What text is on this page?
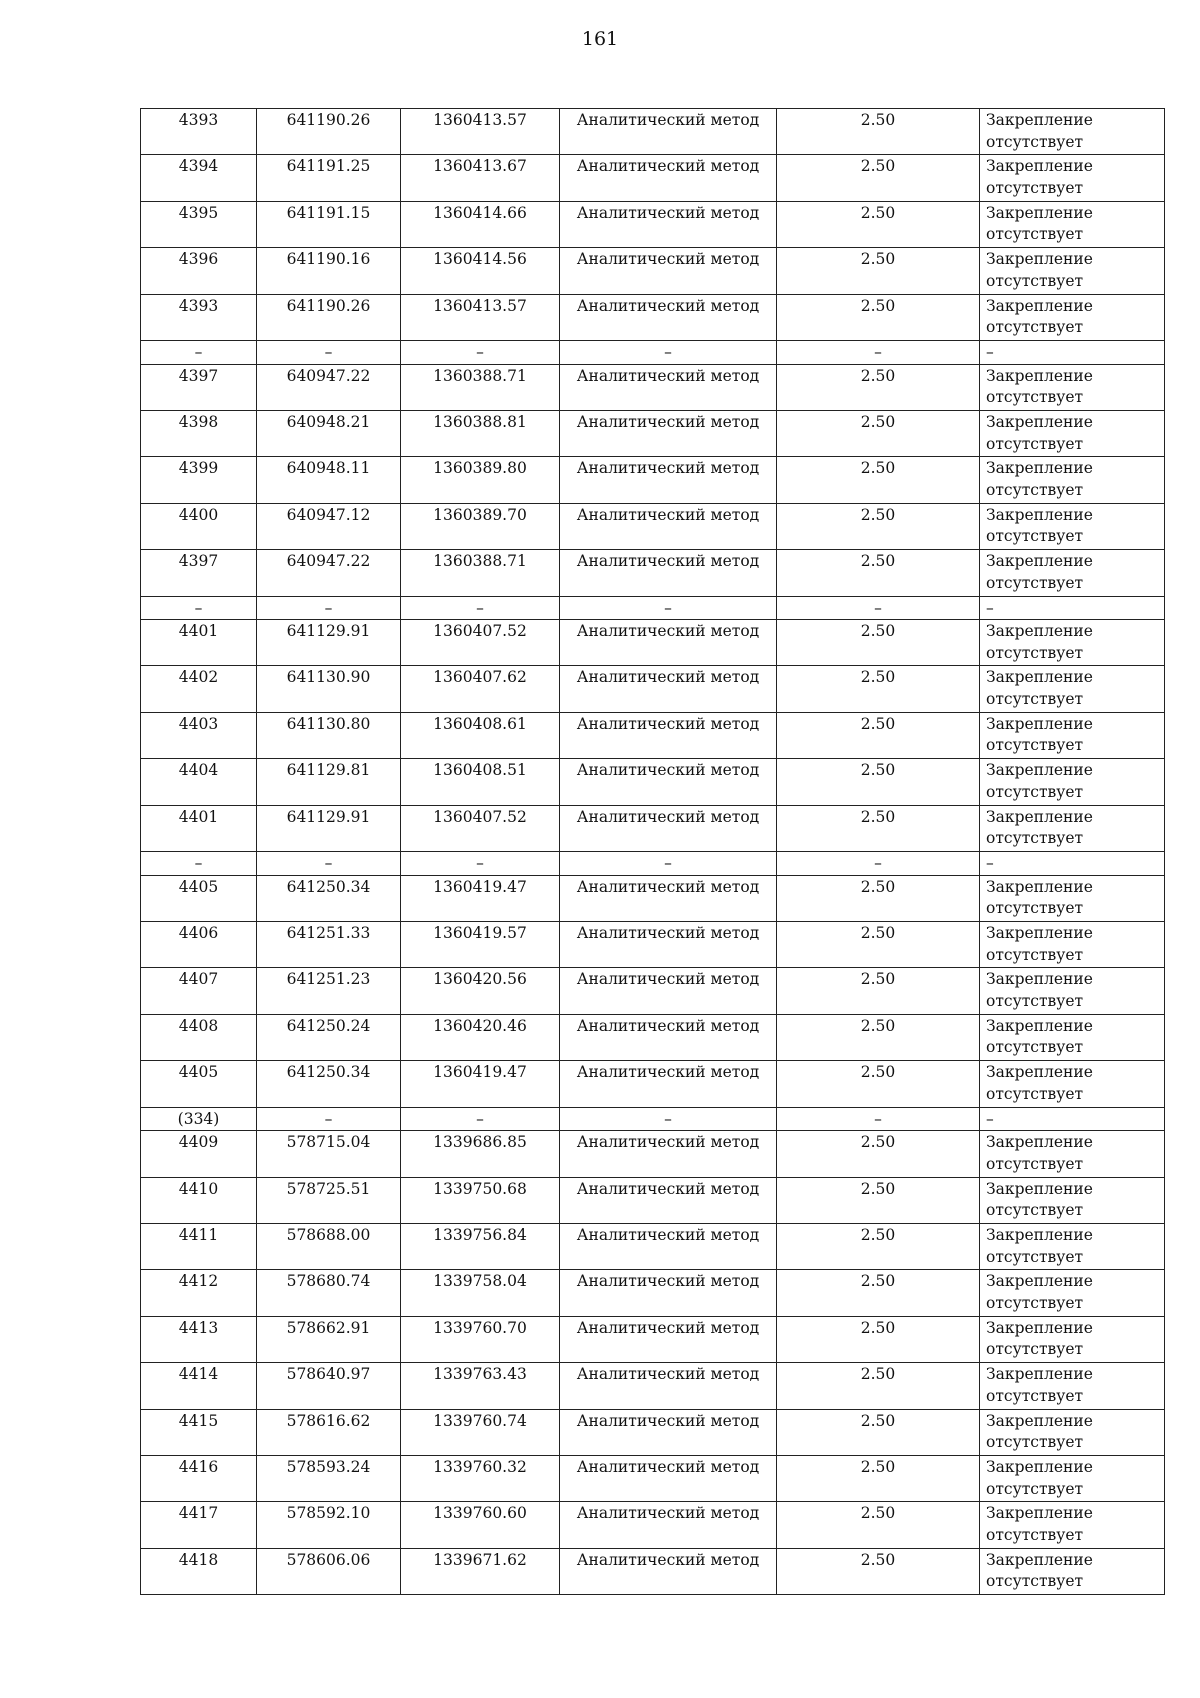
161
4393	641190.26	1360413.57	Аналитический метод	2.50	Закрепление отсутствует
4394	641191.25	1360413.67	Аналитический метод	2.50	Закрепление отсутствует
4395	641191.15	1360414.66	Аналитический метод	2.50	Закрепление отсутствует
4396	641190.16	1360414.56	Аналитический метод	2.50	Закрепление отсутствует
4393	641190.26	1360413.57	Аналитический метод	2.50	Закрепление отсутствует
–	–	–	–	–	–
4397	640947.22	1360388.71	Аналитический метод	2.50	Закрепление отсутствует
4398	640948.21	1360388.81	Аналитический метод	2.50	Закрепление отсутствует
4399	640948.11	1360389.80	Аналитический метод	2.50	Закрепление отсутствует
4400	640947.12	1360389.70	Аналитический метод	2.50	Закрепление отсутствует
4397	640947.22	1360388.71	Аналитический метод	2.50	Закрепление отсутствует
–	–	–	–	–	–
4401	641129.91	1360407.52	Аналитический метод	2.50	Закрепление отсутствует
4402	641130.90	1360407.62	Аналитический метод	2.50	Закрепление отсутствует
4403	641130.80	1360408.61	Аналитический метод	2.50	Закрепление отсутствует
4404	641129.81	1360408.51	Аналитический метод	2.50	Закрепление отсутствует
4401	641129.91	1360407.52	Аналитический метод	2.50	Закрепление отсутствует
–	–	–	–	–	–
4405	641250.34	1360419.47	Аналитический метод	2.50	Закрепление отсутствует
4406	641251.33	1360419.57	Аналитический метод	2.50	Закрепление отсутствует
4407	641251.23	1360420.56	Аналитический метод	2.50	Закрепление отсутствует
4408	641250.24	1360420.46	Аналитический метод	2.50	Закрепление отсутствует
4405	641250.34	1360419.47	Аналитический метод	2.50	Закрепление отсутствует
(334)	–	–	–	–	–
4409	578715.04	1339686.85	Аналитический метод	2.50	Закрепление отсутствует
4410	578725.51	1339750.68	Аналитический метод	2.50	Закрепление отсутствует
4411	578688.00	1339756.84	Аналитический метод	2.50	Закрепление отсутствует
4412	578680.74	1339758.04	Аналитический метод	2.50	Закрепление отсутствует
4413	578662.91	1339760.70	Аналитический метод	2.50	Закрепление отсутствует
4414	578640.97	1339763.43	Аналитический метод	2.50	Закрепление отсутствует
4415	578616.62	1339760.74	Аналитический метод	2.50	Закрепление отсутствует
4416	578593.24	1339760.32	Аналитический метод	2.50	Закрепление отсутствует
4417	578592.10	1339760.60	Аналитический метод	2.50	Закрепление отсутствует
4418	578606.06	1339671.62	Аналитический метод	2.50	Закрепление отсутствует
